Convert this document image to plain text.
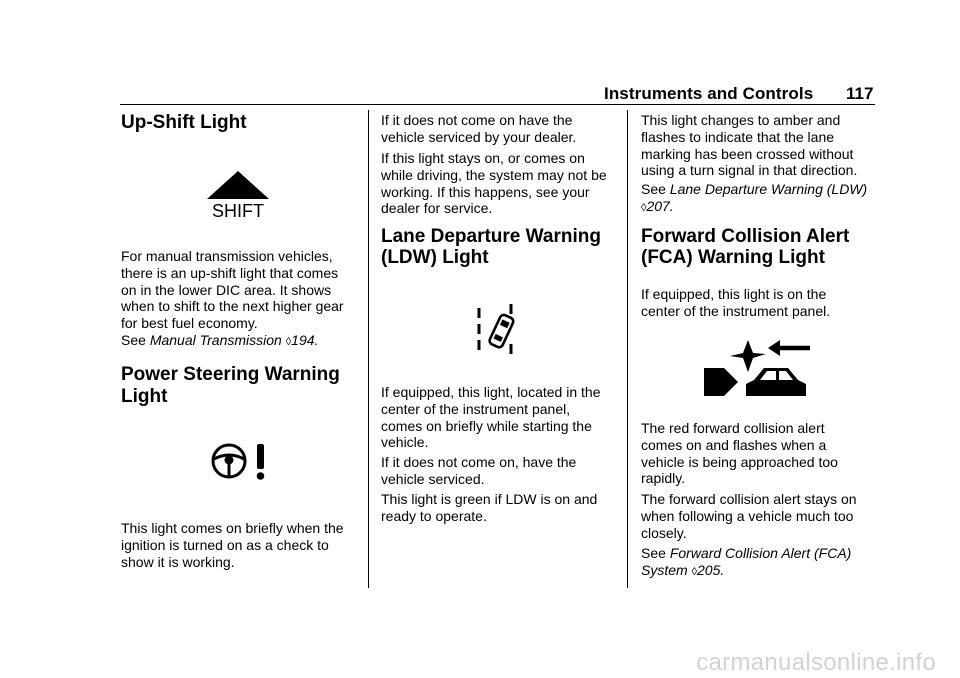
Instruments and Controls 117
Up-Shift Light
SHIFT

For manual transmission vehicles,

there is an up-shift light that comes

on in the lower DIC area. It shows

when to shift to the next higher gear

for best fuel economy.

See Manual Transmission ◊194.

Power Steering Warning
Light

This light comes on briefly when the

ignition is turned on as a check to

show it is working.

If it does not come on have the

vehicle serviced by your dealer.

If this light stays on, or comes on

while driving, the system may not be

working. If this happens, see your

dealer for service.

Lane Departure Warning
(LDW) Light

If equipped, this light, located in the

center of the instrument panel,

comes on briefly while starting the

vehicle.

If it does not come on, have the

vehicle serviced.

This light is green if LDW is on and

ready to operate.

This light changes to amber and

flashes to indicate that the lane

marking has been crossed without

using a turn signal in that direction.

See Lane Departure Warning (LDW)

◊207.

Forward Collision Alert
(FCA) Warning Light

If equipped, this light is on the

center of the instrument panel.

The red forward collision alert

comes on and flashes when a

vehicle is being approached too

rapidly.

The forward collision alert stays on

when following a vehicle much too

closely.

See Forward Collision Alert (FCA)

System ◊205.

carmanualsonline.info
